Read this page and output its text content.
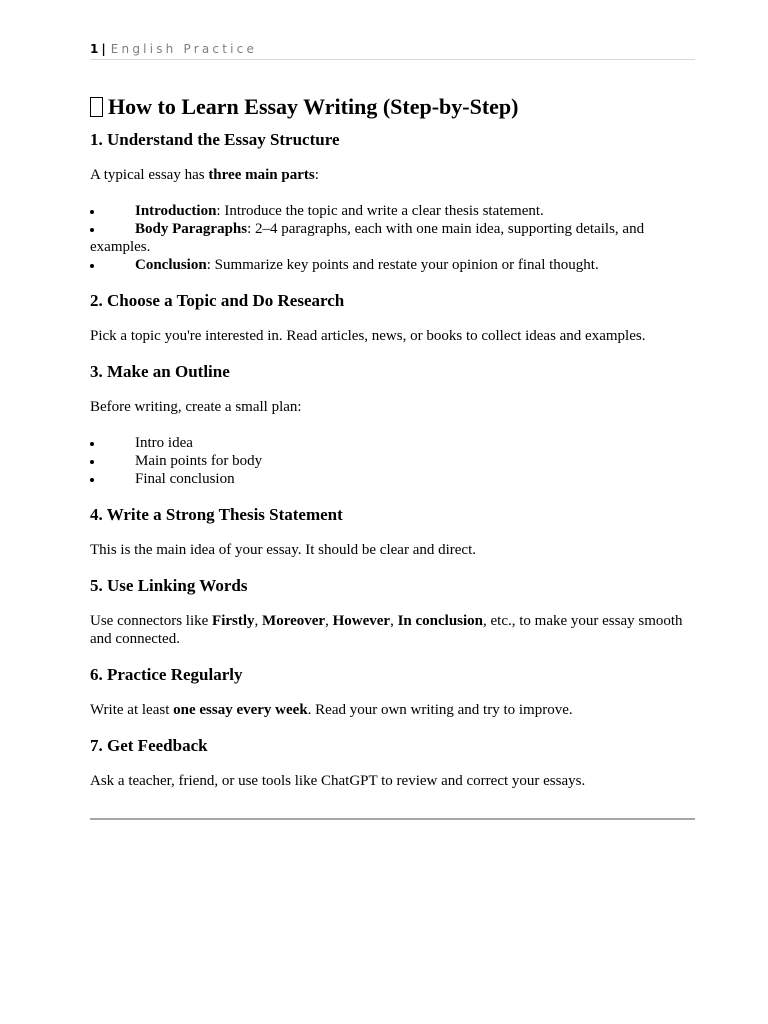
1 | English Practice
How to Learn Essay Writing (Step-by-Step)
1. Understand the Essay Structure

A typical essay has three main parts:

Introduction: Introduce the topic and write a clear thesis statement.
Body Paragraphs: 2–4 paragraphs, each with one main idea, supporting details, and examples.
Conclusion: Summarize key points and restate your opinion or final thought.
2. Choose a Topic and Do Research

Pick a topic you're interested in. Read articles, news, or books to collect ideas and examples.

3. Make an Outline

Before writing, create a small plan:

Intro idea
Main points for body
Final conclusion
4. Write a Strong Thesis Statement

This is the main idea of your essay. It should be clear and direct.

5. Use Linking Words

Use connectors like Firstly, Moreover, However, In conclusion, etc., to make your essay smooth and connected.

6. Practice Regularly

Write at least one essay every week. Read your own writing and try to improve.

7. Get Feedback

Ask a teacher, friend, or use tools like ChatGPT to review and correct your essays.
